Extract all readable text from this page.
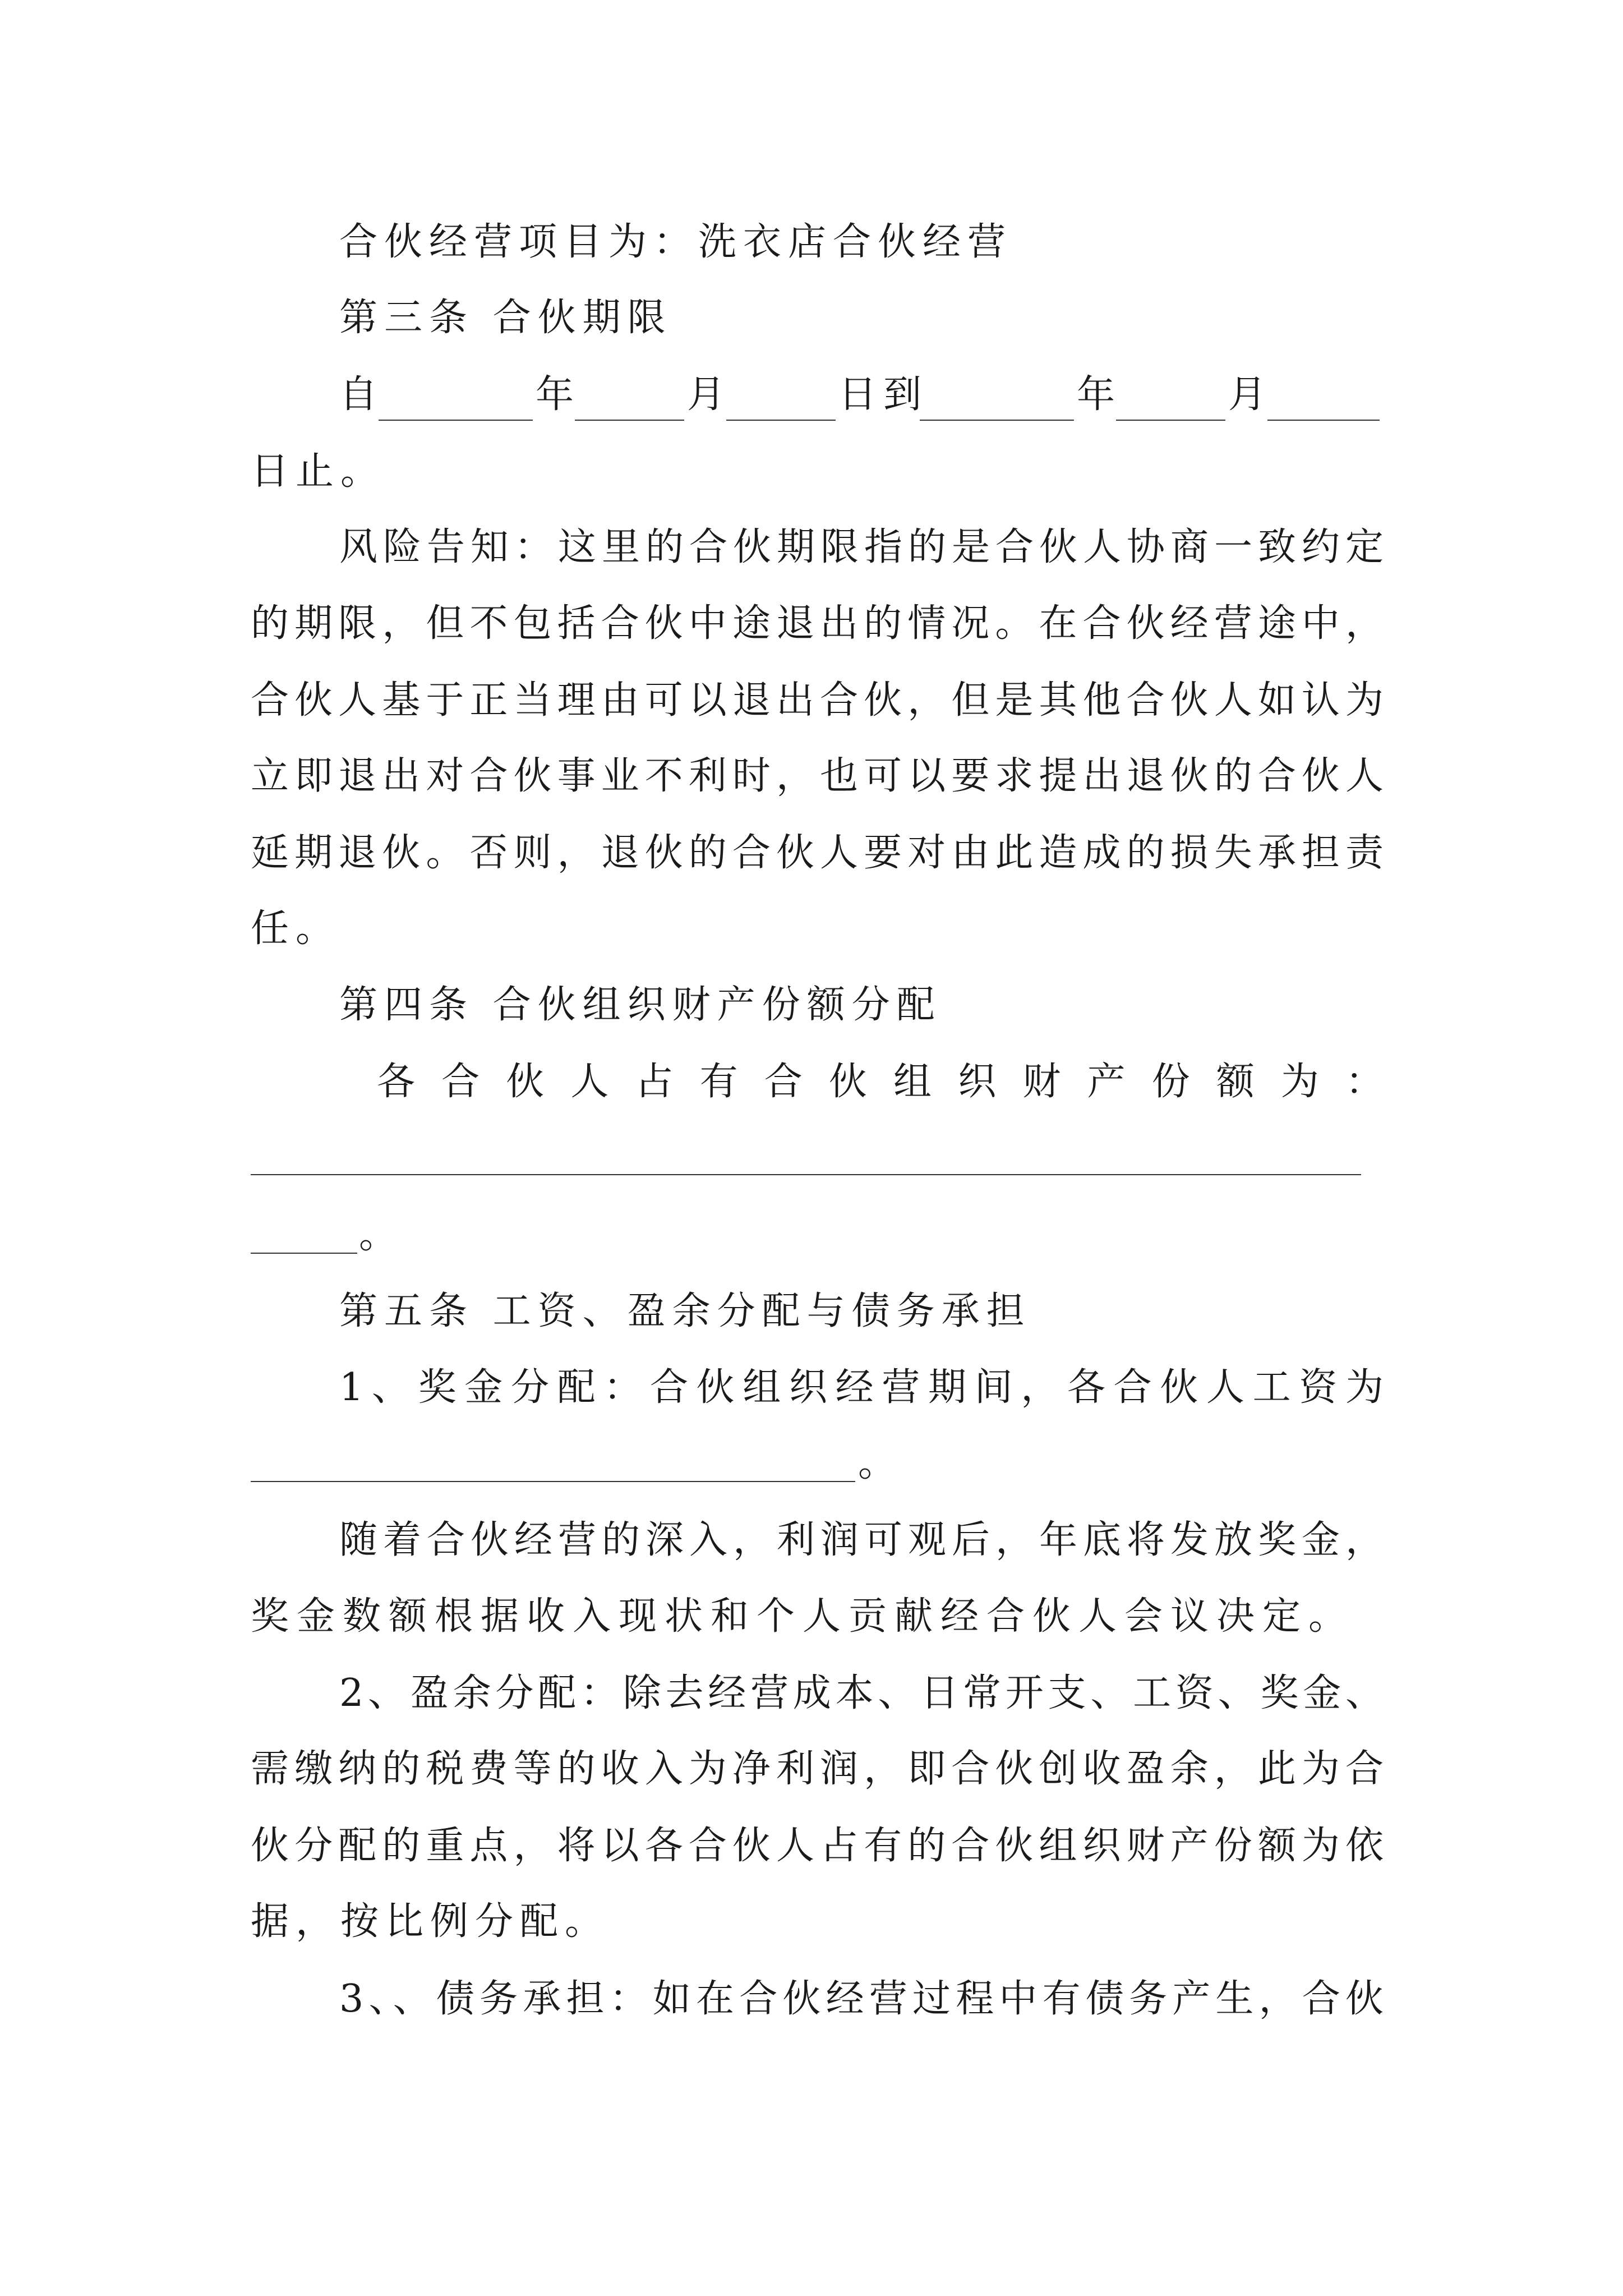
合伙经营项目为：洗衣店合伙经营
第三条 合伙期限
自	年	月	日到	年	月
日止。
风险告知：这里的合伙期限指的是合伙人协商一致约定
的期限，但不包括合伙中途退出的情况。在合伙经营途中，
合伙人基于正当理由可以退出合伙，但是其他合伙人如认为
立即退出对合伙事业不利时，也可以要求提出退伙的合伙人
延期退伙。否则，退伙的合伙人要对由此造成的损失承担责
任。
第四条 合伙组织财产份额分配
各合伙人占有合伙组织财产份额为：
。
第五条 工资、盈余分配与债务承担
1、奖金分配：合伙组织经营期间，各合伙人工资为
。
随着合伙经营的深入，利润可观后，年底将发放奖金，
奖金数额根据收入现状和个人贡献经合伙人会议决定。
2、盈余分配：除去经营成本、日常开支、工资、奖金、
需缴纳的税费等的收入为净利润，即合伙创收盈余，此为合
伙分配的重点，将以各合伙人占有的合伙组织财产份额为依
据，按比例分配。
3、、债务承担：如在合伙经营过程中有债务产生，合伙
